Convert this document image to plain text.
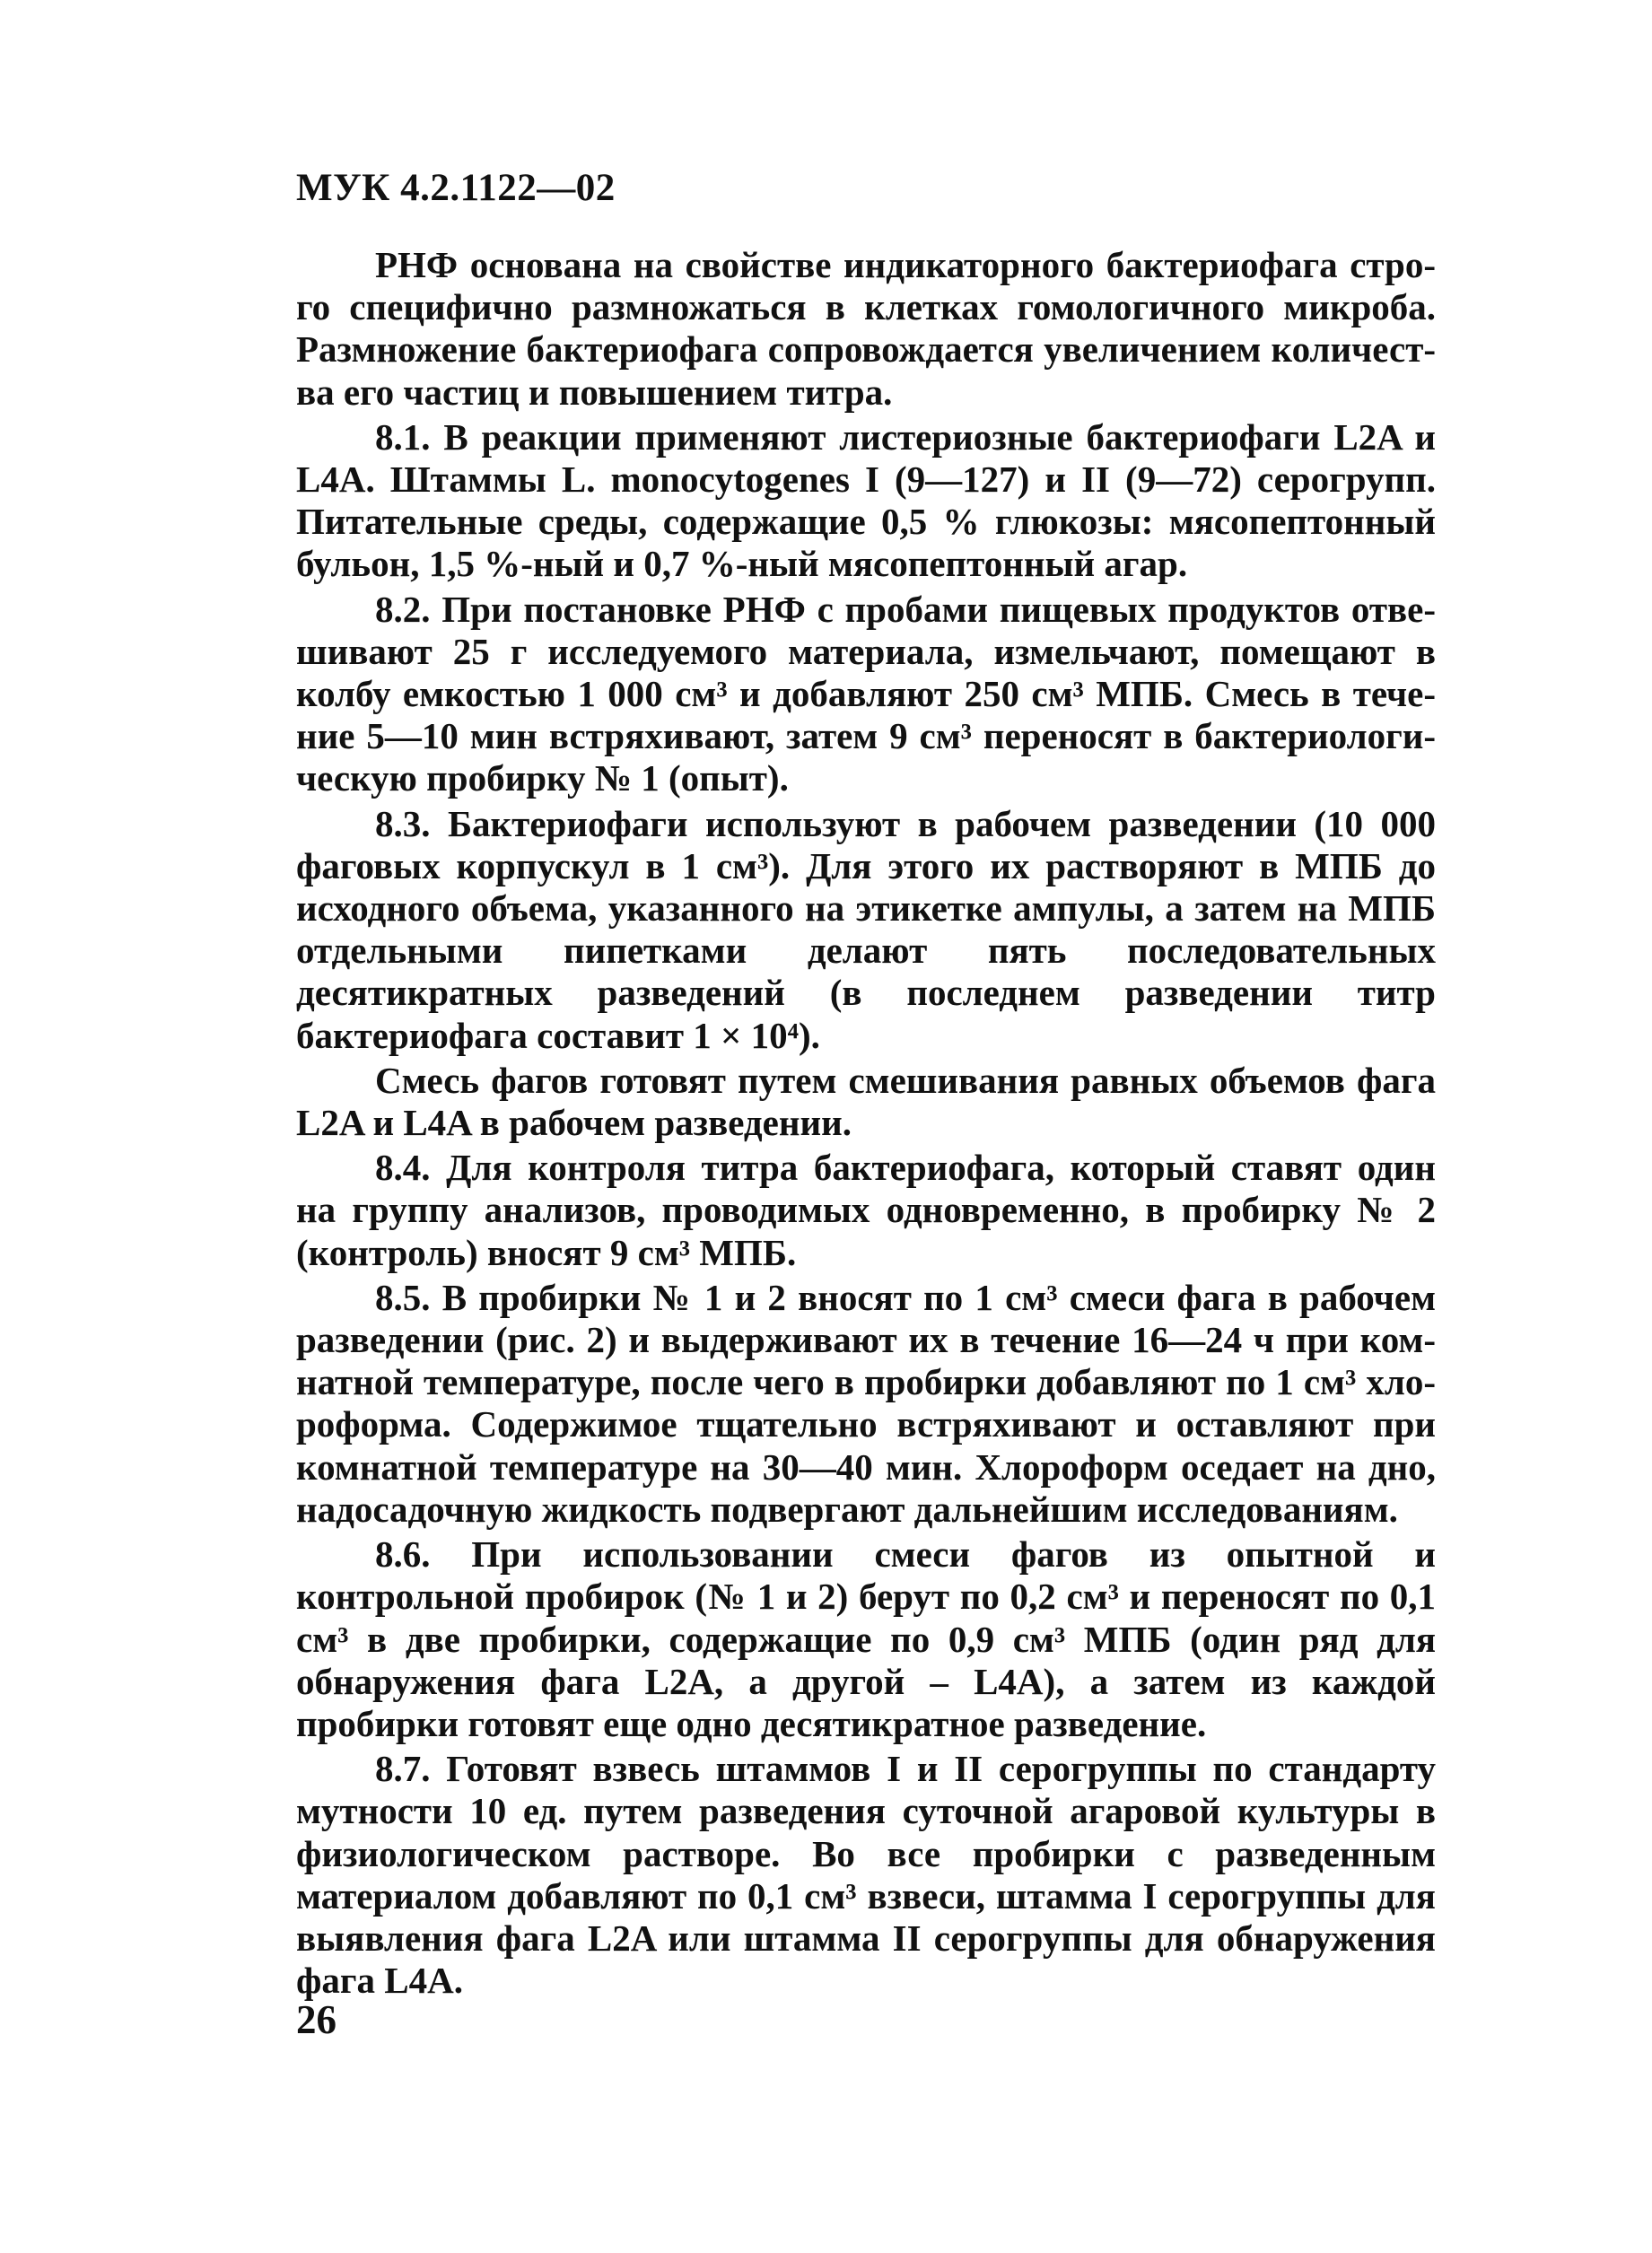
МУК 4.2.1122—02

РНФ основана на свойстве индикаторного бактериофага строго специфично размножаться в клетках гомологичного микроба. Размножение бактериофага сопровождается увеличением количества его частиц и повышением титра.

8.1. В реакции применяют листериозные бактериофаги L2A и L4A. Штаммы L. monocytogenes I (9—127) и II (9—72) серогрупп. Питательные среды, содержащие 0,5 % глюкозы: мясопептонный бульон, 1,5 %-ный и 0,7 %-ный мясопептонный агар.

8.2. При постановке РНФ с пробами пищевых продуктов отвешивают 25 г исследуемого материала, измельчают, помещают в колбу емкостью 1 000 см³ и добавляют 250 см³ МПБ. Смесь в течение 5—10 мин встряхивают, затем 9 см³ переносят в бактериологическую пробирку № 1 (опыт).

8.3. Бактериофаги используют в рабочем разведении (10 000 фаговых корпускул в 1 см³). Для этого их растворяют в МПБ до исходного объема, указанного на этикетке ампулы, а затем на МПБ отдельными пипетками делают пять последовательных десятикратных разведений (в последнем разведении титр бактериофага составит 1 × 10⁴).

Смесь фагов готовят путем смешивания равных объемов фага L2A и L4A в рабочем разведении.

8.4. Для контроля титра бактериофага, который ставят один на группу анализов, проводимых одновременно, в пробирку № 2 (контроль) вносят 9 см³ МПБ.

8.5. В пробирки № 1 и 2 вносят по 1 см³ смеси фага в рабочем разведении (рис. 2) и выдерживают их в течение 16—24 ч при комнатной температуре, после чего в пробирки добавляют по 1 см³ хлороформа. Содержимое тщательно встряхивают и оставляют при комнатной температуре на 30—40 мин. Хлороформ оседает на дно, надосадочную жидкость подвергают дальнейшим исследованиям.

8.6. При использовании смеси фагов из опытной и контрольной пробирок (№ 1 и 2) берут по 0,2 см³ и переносят по 0,1 см³ в две пробирки, содержащие по 0,9 см³ МПБ (один ряд для обнаружения фага L2A, а другой – L4A), а затем из каждой пробирки готовят еще одно десятикратное разведение.

8.7. Готовят взвесь штаммов I и II серогруппы по стандарту мутности 10 ед. путем разведения суточной агаровой культуры в физиологическом растворе. Во все пробирки с разведенным материалом добавляют по 0,1 см³ взвеси, штамма I серогруппы для выявления фага L2A или штамма II серогруппы для обнаружения фага L4A.

26
